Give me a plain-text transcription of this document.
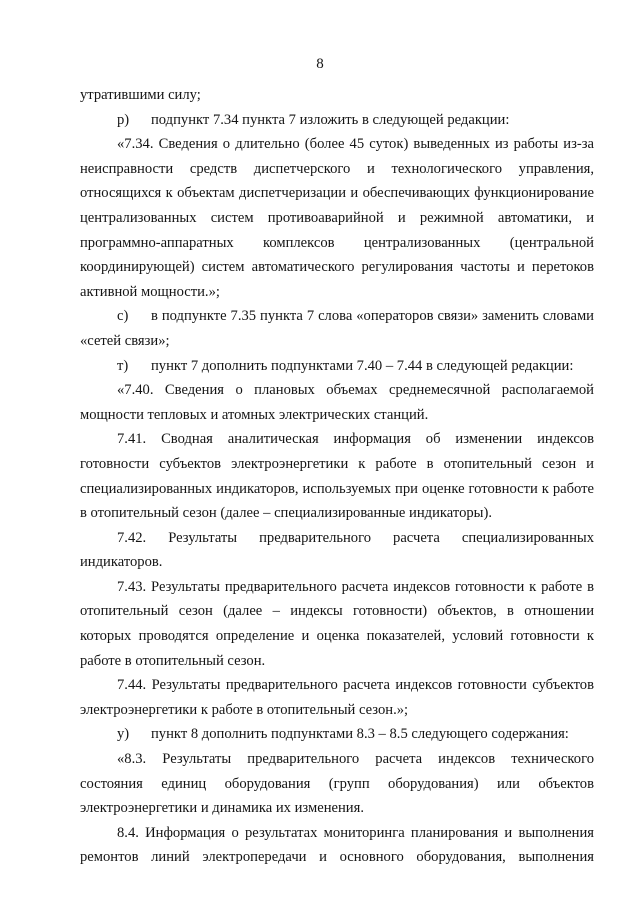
8

утратившими силу;

р)	подпункт 7.34 пункта 7 изложить в следующей редакции:

«7.34. Сведения о длительно (более 45 суток) выведенных из работы из-за неисправности средств диспетчерского и технологического управления, относящихся к объектам диспетчеризации и обеспечивающих функционирование централизованных систем противоаварийной и режимной автоматики, и программно-аппаратных комплексов централизованных (центральной координирующей) систем автоматического регулирования частоты и перетоков активной мощности.»;

с)	в подпункте 7.35 пункта 7 слова «операторов связи» заменить словами

«сетей связи»;

т)	пункт 7 дополнить подпунктами 7.40 – 7.44 в следующей редакции:

«7.40. Сведения о плановых объемах среднемесячной располагаемой мощности тепловых и атомных электрических станций.

7.41. Сводная аналитическая информация об изменении индексов готовности субъектов электроэнергетики к работе в отопительный сезон и специализированных индикаторов, используемых при оценке готовности к работе в отопительный сезон (далее – специализированные индикаторы).

7.42. Результаты предварительного расчета специализированных индикаторов.

7.43. Результаты предварительного расчета индексов готовности к работе в отопительный сезон (далее – индексы готовности) объектов, в отношении которых проводятся определение и оценка показателей, условий готовности к работе в отопительный сезон.

7.44. Результаты предварительного расчета индексов готовности субъектов электроэнергетики к работе в отопительный сезон.»;

у)	пункт 8 дополнить подпунктами 8.3 – 8.5 следующего содержания:

«8.3. Результаты предварительного расчета индексов технического состояния единиц оборудования (групп оборудования) или объектов электроэнергетики и динамика их изменения.

8.4. Информация о результатах мониторинга планирования и выполнения ремонтов линий электропередачи и основного оборудования, выполнения
